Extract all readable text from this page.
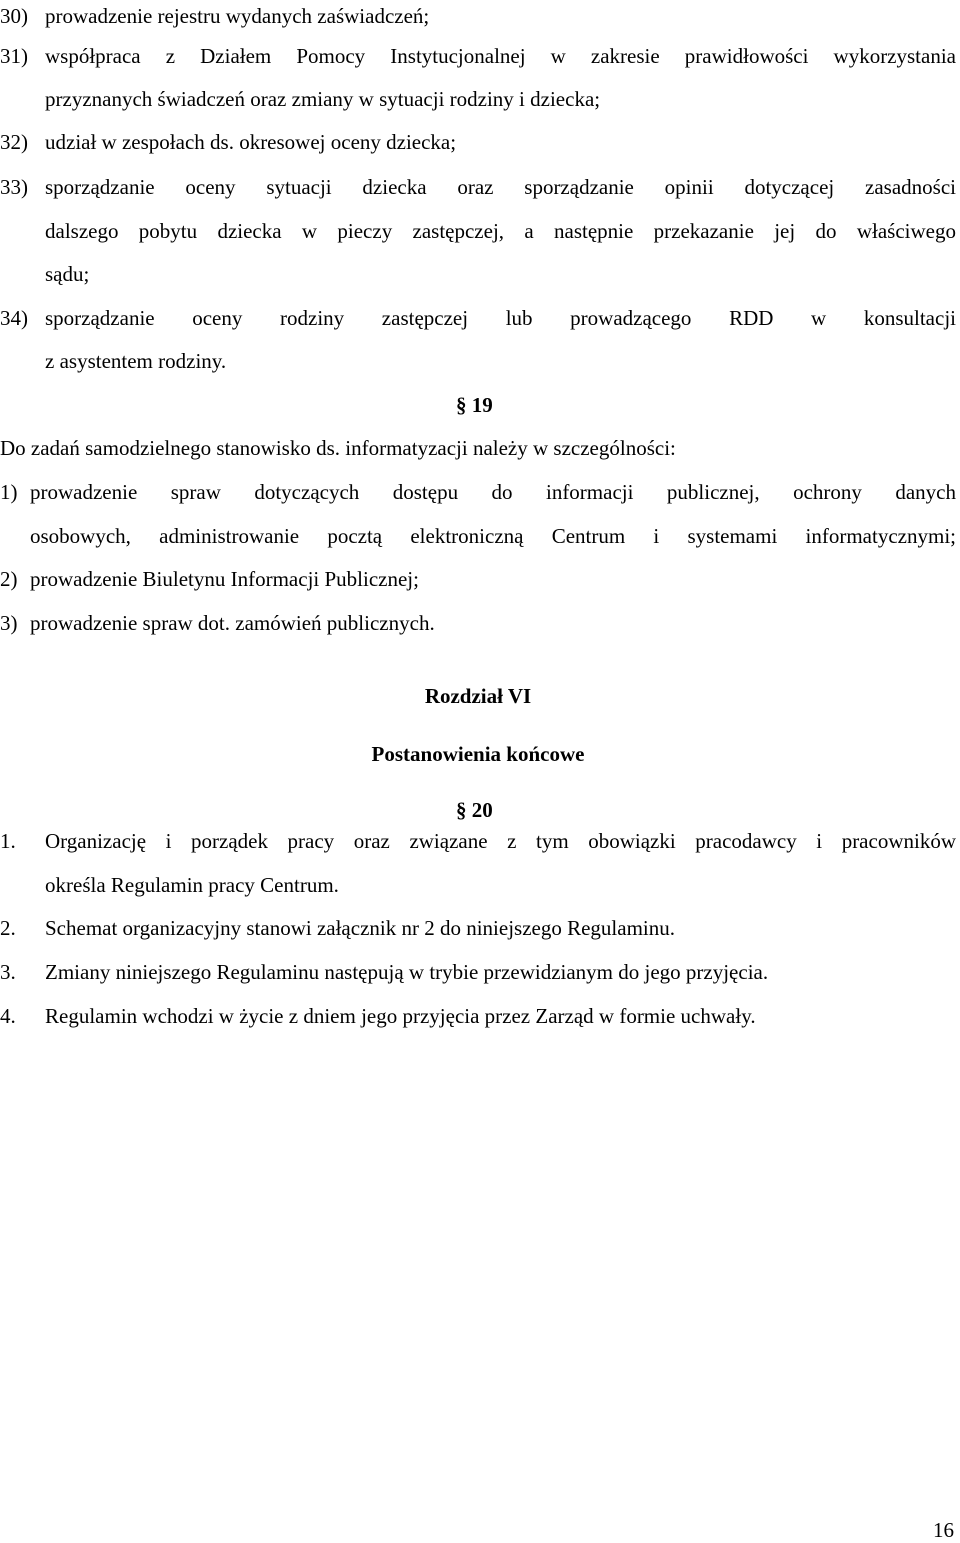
30) prowadzenie rejestru wydanych zaświadczeń;
31) współpraca z Działem Pomocy Instytucjonalnej w zakresie prawidłowości wykorzystania
przyznanych świadczeń oraz zmiany w sytuacji rodziny i dziecka;
32) udział w zespołach ds. okresowej oceny dziecka;
33) sporządzanie oceny sytuacji dziecka oraz sporządzanie opinii dotyczącej zasadności
dalszego pobytu dziecka w pieczy zastępczej, a następnie przekazanie jej do właściwego
sądu;
34) sporządzanie oceny rodziny zastępczej lub prowadzącego RDD w konsultacji
z asystentem rodziny.
§ 19
Do zadań samodzielnego stanowisko ds. informatyzacji należy w szczególności:
1) prowadzenie spraw dotyczących dostępu do informacji publicznej, ochrony danych
osobowych, administrowanie pocztą elektroniczną Centrum i systemami informatycznymi;
2) prowadzenie Biuletynu Informacji Publicznej;
3) prowadzenie spraw dot. zamówień publicznych.
Rozdział VI
Postanowienia końcowe
§ 20
1. Organizację i porządek pracy oraz związane z tym obowiązki pracodawcy i pracowników
określa Regulamin pracy Centrum.
2. Schemat organizacyjny stanowi załącznik nr 2 do niniejszego Regulaminu.
3. Zmiany niniejszego Regulaminu następują w trybie przewidzianym do jego przyjęcia.
4. Regulamin wchodzi w życie z dniem jego przyjęcia przez Zarząd w formie uchwały.
16
